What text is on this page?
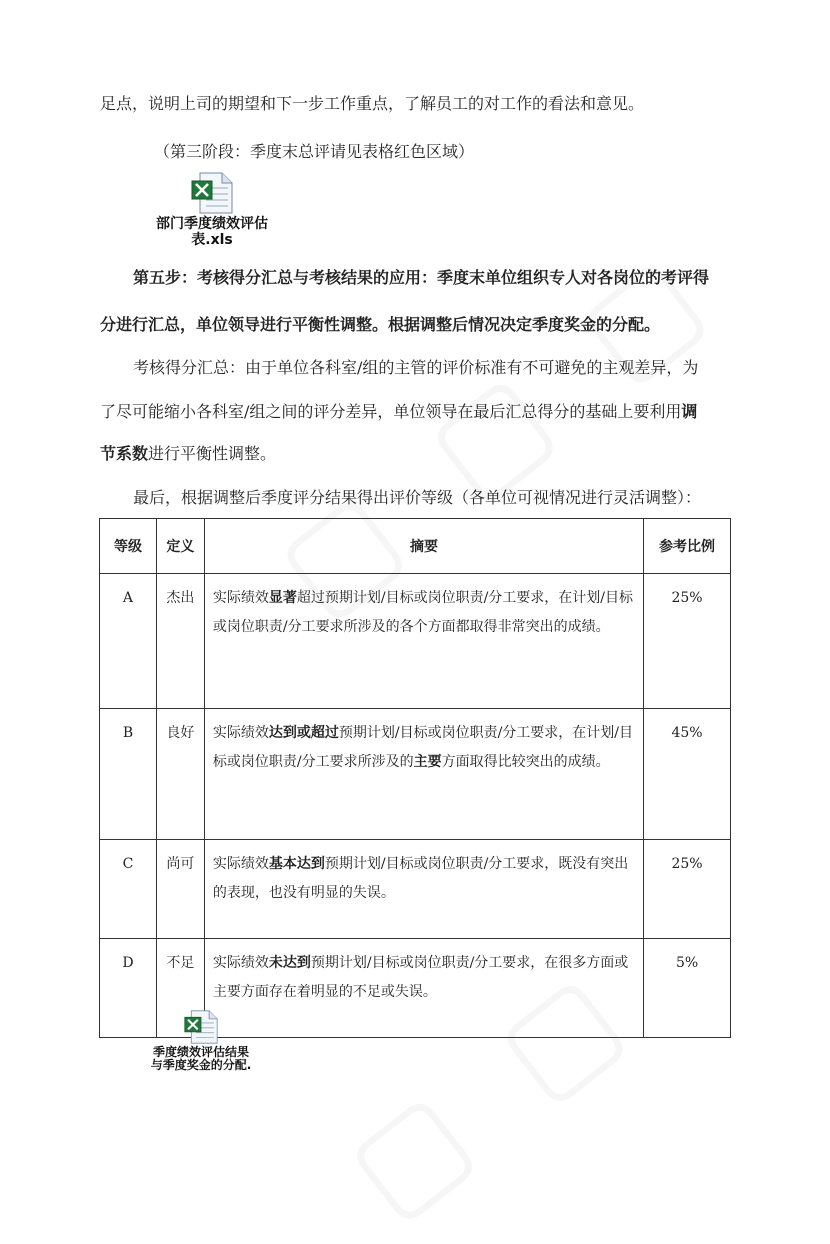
足点，说明上司的期望和下一步工作重点，了解员工的对工作的看法和意见。

（第三阶段：季度末总评请见表格红色区域）

部门季度绩效评估
表.xls

第五步：考核得分汇总与考核结果的应用：季度末单位组织专人对各岗位的考评得

分进行汇总，单位领导进行平衡性调整。根据调整后情况决定季度奖金的分配。

考核得分汇总：由于单位各科室/组的主管的评价标准有不可避免的主观差异，为

了尽可能缩小各科室/组之间的评分差异，单位领导在最后汇总得分的基础上要利用调

节系数进行平衡性调整。

最后，根据调整后季度评分结果得出评价等级（各单位可视情况进行灵活调整）：

等级	定义	摘要	参考比例
A	杰出	实际绩效显著超过预期计划/目标或岗位职责/分工要求，在计划/目标或岗位职责/分工要求所涉及的各个方面都取得非常突出的成绩。	25%
B	良好	实际绩效达到或超过预期计划/目标或岗位职责/分工要求，在计划/目标或岗位职责/分工要求所涉及的主要方面取得比较突出的成绩。	45%
C	尚可	实际绩效基本达到预期计划/目标或岗位职责/分工要求，既没有突出的表现，也没有明显的失误。	25%
D	不足	实际绩效未达到预期计划/目标或岗位职责/分工要求，在很多方面或主要方面存在着明显的不足或失误。	5%
季度绩效评估结果
与季度奖金的分配.
